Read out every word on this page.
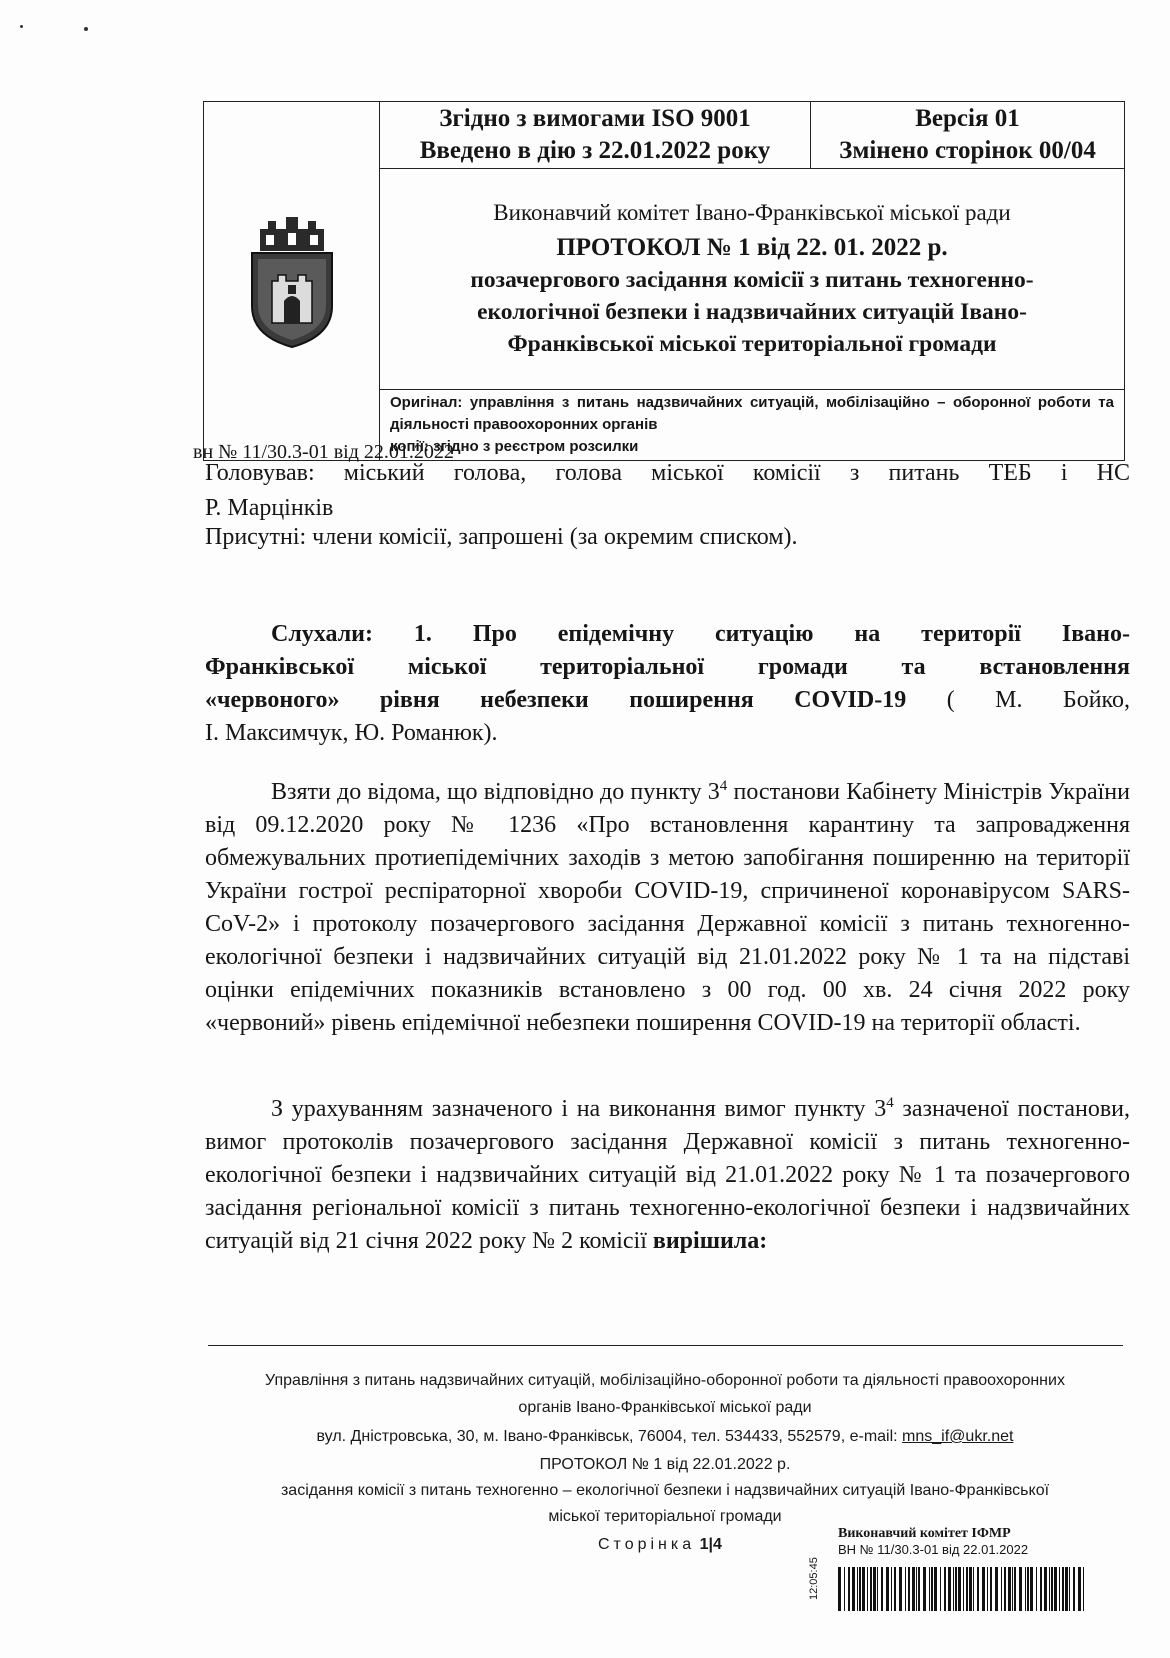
Згідно з вимогами ISO 9001
Введено в дію з 22.01.2022 року

Версія 01
Змінено сторінок 00/04

Виконавчий комітет Івано-Франківської міської ради
ПРОТОКОЛ № 1 від 22. 01. 2022 р.
позачергового засідання комісії з питань техногенно-
екологічної безпеки і надзвичайних ситуацій Івано-
Франківської міської територіальної громади

Оригінал: управління з питань надзвичайних ситуацій, мобілізаційно – оборонної роботи та
діяльності правоохоронних органів
копії: згідно з реєстром розсилки
вн № 11/30.3-01 від 22.01.2022
Головував: міський голова, голова міської комісії з питань ТЕБ і НС
Р. Марцінків
Присутні: члени комісії, запрошені (за окремим списком).
Слухали: 1. Про епідемічну ситуацію на території Івано-
Франківської міської територіальної громади та встановлення
«червоного» рівня небезпеки поширення COVID-19 ( М. Бойко,
І. Максимчук, Ю. Романюк).
Взяти до відома, що відповідно до пункту $3^4$ постанови Кабінету Міністрів України від 09.12.2020 року № 1236 «Про встановлення карантину та запровадження обмежувальних протиепідемічних заходів з метою запобігання поширенню на території України гострої респіраторної хвороби COVID-19, спричиненої коронавірусом SARS-CoV-2» і протоколу позачергового засідання Державної комісії з питань техногенно-екологічної безпеки і надзвичайних ситуацій від 21.01.2022 року № 1 та на підставі оцінки епідемічних показників встановлено з 00 год. 00 хв. 24 січня 2022 року «червоний» рівень епідемічної небезпеки поширення COVID-19 на території області.
З урахуванням зазначеного і на виконання вимог пункту $3^4$ зазначеної постанови, вимог протоколів позачергового засідання Державної комісії з питань техногенно-екологічної безпеки і надзвичайних ситуацій від 21.01.2022 року № 1 та позачергового засідання регіональної комісії з питань техногенно-екологічної безпеки і надзвичайних ситуацій від 21 січня 2022 року № 2 комісії вирішила:
Управління з питань надзвичайних ситуацій, мобілізаційно-оборонної роботи та діяльності правоохоронних
органів Івано-Франківської міської ради
вул. Дністровська, 30, м. Івано-Франківськ, 76004, тел. 534433, 552579, e-mail: mns_if@ukr.net
ПРОТОКОЛ № 1 від 22.01.2022 р.
засідання комісії з питань техногенно – екологічної безпеки і надзвичайних ситуацій Івано-Франківської
міської територіальної громади
Сторінка 1|4
Виконавчий комітет ІФМР
ВН № 11/30.3-01 від 22.01.2022
12:05:45
